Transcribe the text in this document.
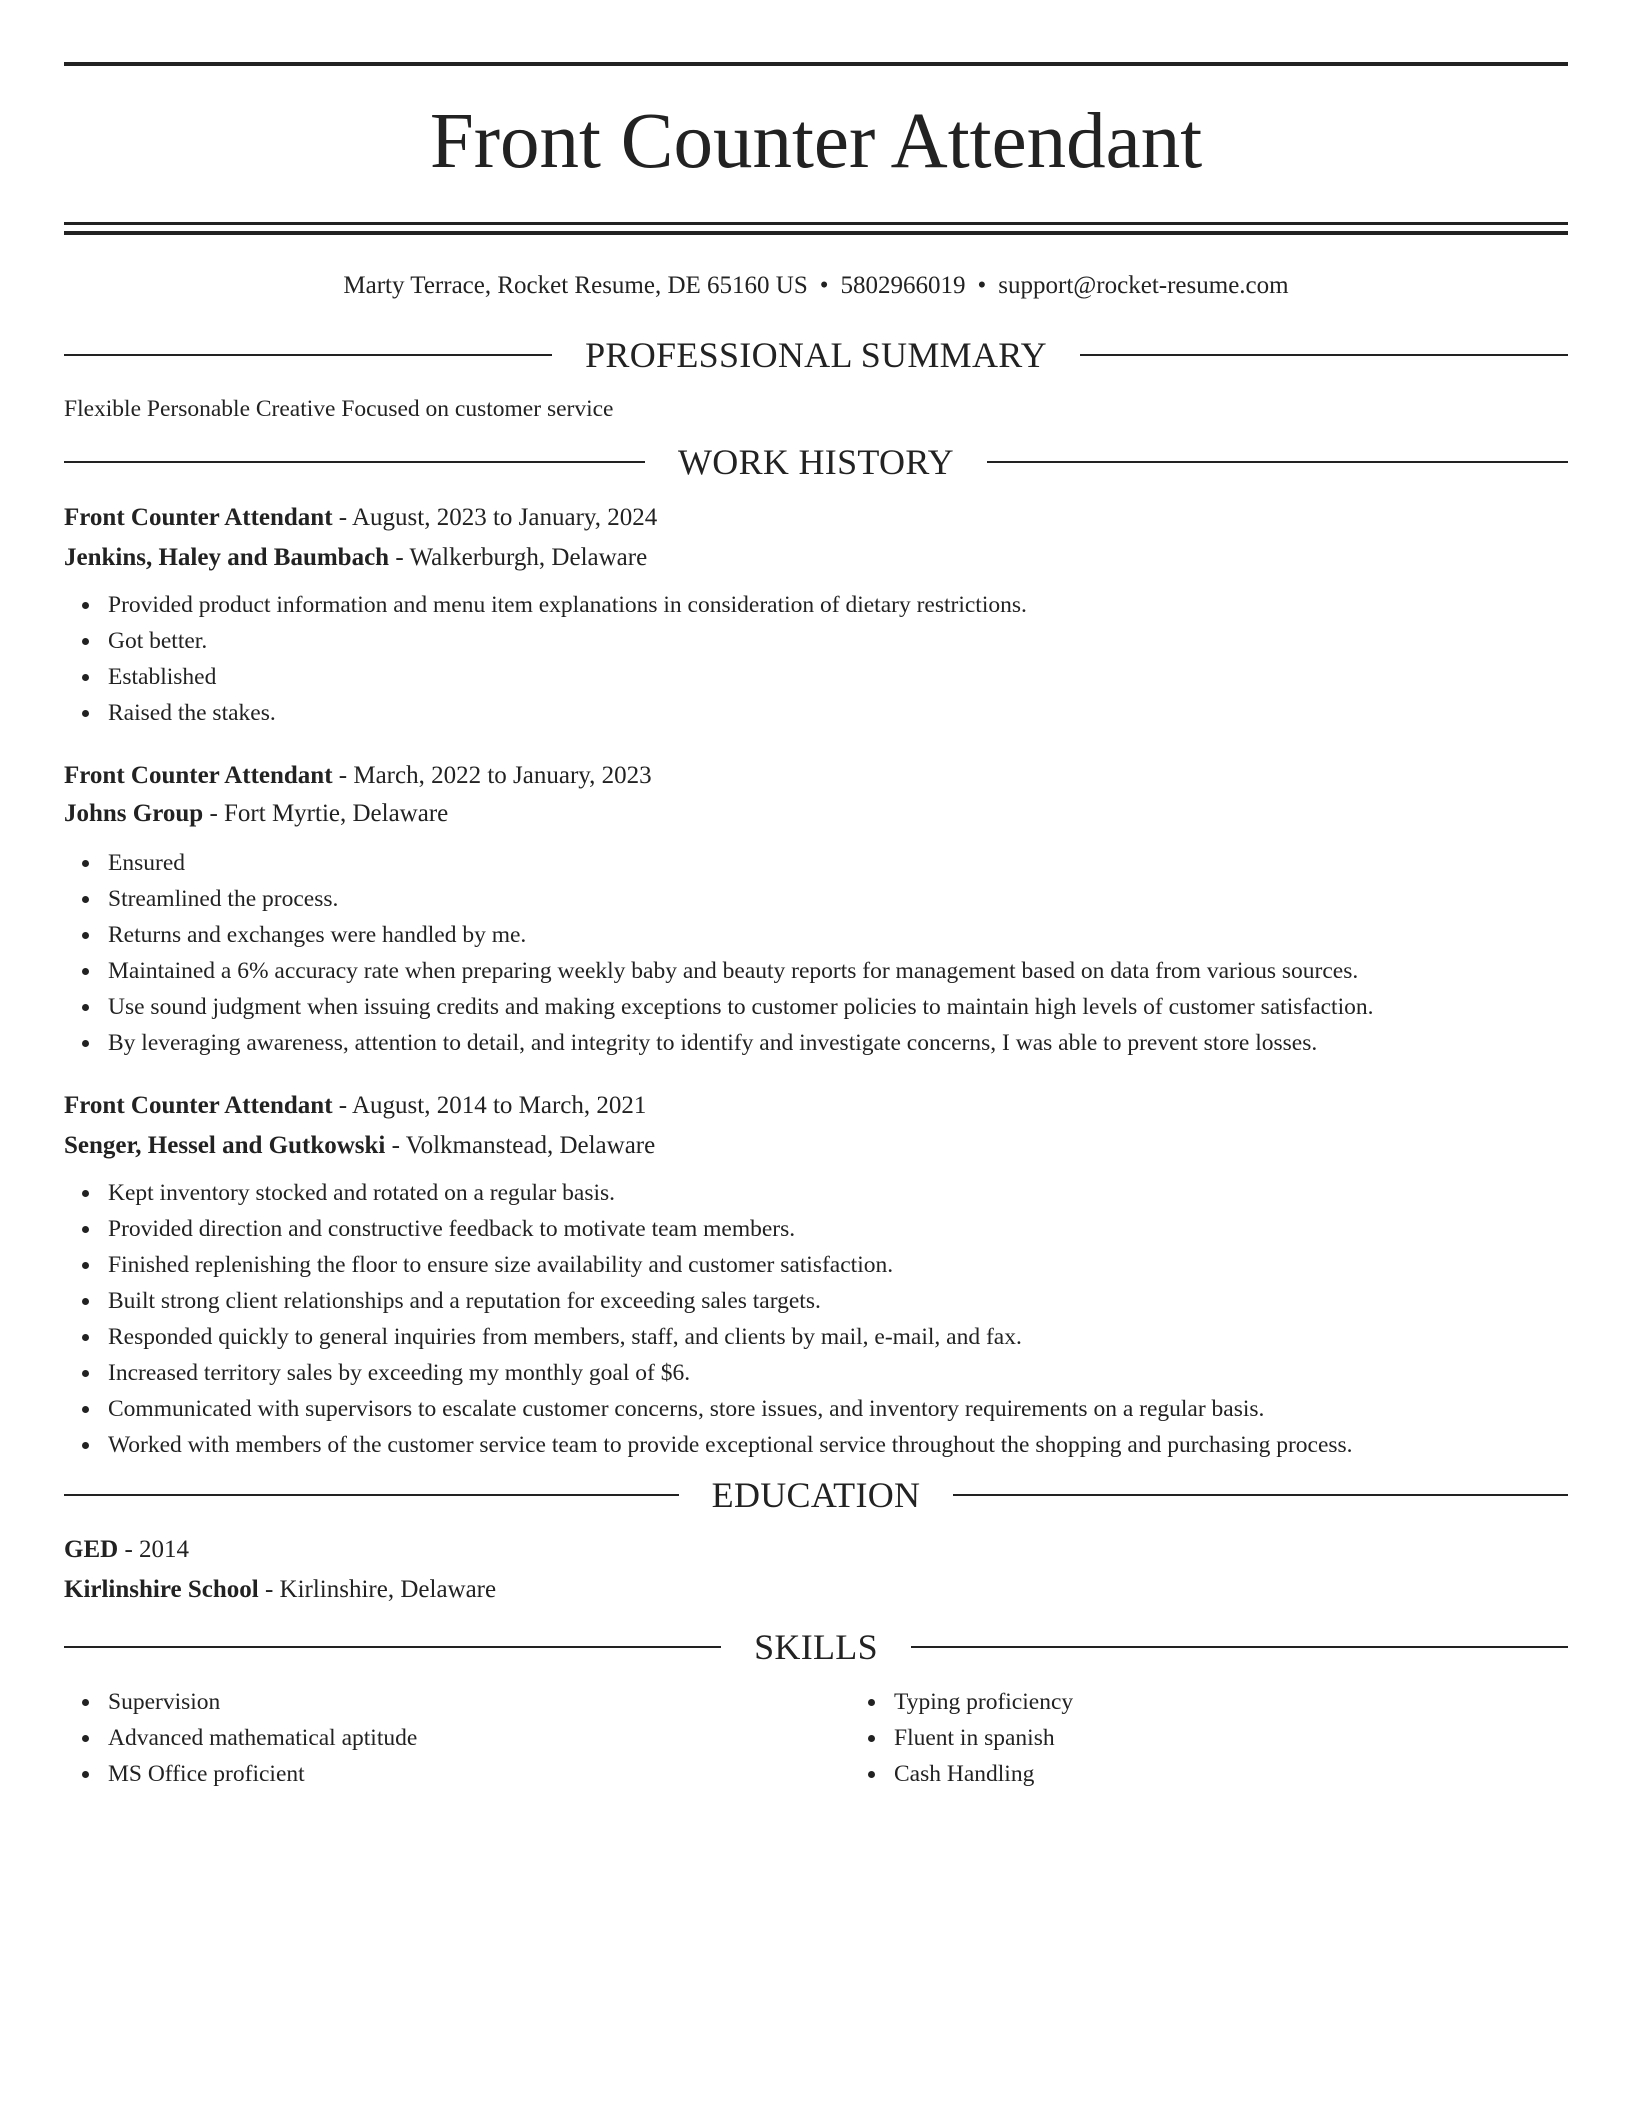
Front Counter Attendant
Marty Terrace, Rocket Resume, DE 65160 US • 5802966019 • support@rocket-resume.com
PROFESSIONAL SUMMARY
Flexible Personable Creative Focused on customer service
WORK HISTORY
Front Counter Attendant - August, 2023 to January, 2024
Jenkins, Haley and Baumbach - Walkerburgh, Delaware
Provided product information and menu item explanations in consideration of dietary restrictions.
Got better.
Established
Raised the stakes.
Front Counter Attendant - March, 2022 to January, 2023
Johns Group - Fort Myrtie, Delaware
Ensured
Streamlined the process.
Returns and exchanges were handled by me.
Maintained a 6% accuracy rate when preparing weekly baby and beauty reports for management based on data from various sources.
Use sound judgment when issuing credits and making exceptions to customer policies to maintain high levels of customer satisfaction.
By leveraging awareness, attention to detail, and integrity to identify and investigate concerns, I was able to prevent store losses.
Front Counter Attendant - August, 2014 to March, 2021
Senger, Hessel and Gutkowski - Volkmanstead, Delaware
Kept inventory stocked and rotated on a regular basis.
Provided direction and constructive feedback to motivate team members.
Finished replenishing the floor to ensure size availability and customer satisfaction.
Built strong client relationships and a reputation for exceeding sales targets.
Responded quickly to general inquiries from members, staff, and clients by mail, e-mail, and fax.
Increased territory sales by exceeding my monthly goal of $6.
Communicated with supervisors to escalate customer concerns, store issues, and inventory requirements on a regular basis.
Worked with members of the customer service team to provide exceptional service throughout the shopping and purchasing process.
EDUCATION
GED - 2014
Kirlinshire School - Kirlinshire, Delaware
SKILLS
Supervision
Advanced mathematical aptitude
MS Office proficient
Typing proficiency
Fluent in spanish
Cash Handling
